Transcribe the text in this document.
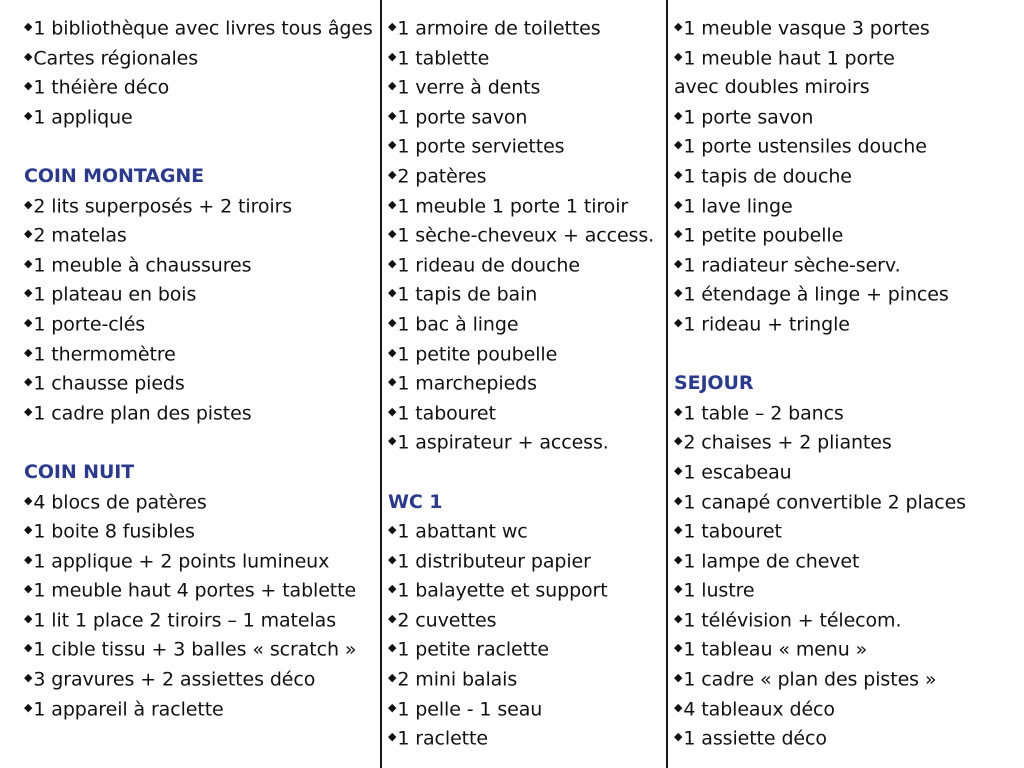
◆1 bibliothèque avec livres tous âges
◆Cartes régionales
◆1 théière déco
◆1 applique
COIN MONTAGNE
◆2 lits superposés + 2 tiroirs
◆2 matelas
◆1 meuble à chaussures
◆1 plateau en bois
◆1 porte-clés
◆1 thermomètre
◆1 chausse pieds
◆1 cadre plan des pistes
COIN NUIT
◆4 blocs de patères
◆1 boite 8 fusibles
◆1 applique + 2 points lumineux
◆1 meuble haut 4 portes + tablette
◆1 lit 1 place 2 tiroirs – 1 matelas
◆1 cible tissu + 3 balles « scratch »
◆3 gravures + 2 assiettes déco
◆1 appareil à raclette
◆1 armoire de toilettes
◆1 tablette
◆1 verre à dents
◆1 porte savon
◆1 porte serviettes
◆2 patères
◆1 meuble 1 porte 1 tiroir
◆1 sèche-cheveux + access.
◆1 rideau de douche
◆1 tapis de bain
◆1 bac à linge
◆1 petite poubelle
◆1 marchepieds
◆1 tabouret
◆1 aspirateur + access.
WC 1
◆1 abattant wc
◆1 distributeur papier
◆1 balayette et support
◆2 cuvettes
◆1 petite raclette
◆2 mini balais
◆1 pelle - 1 seau
◆1 raclette
◆1 meuble vasque 3 portes
◆1 meuble haut 1 porte
avec doubles miroirs
◆1 porte savon
◆1 porte ustensiles douche
◆1 tapis de douche
◆1 lave linge
◆1 petite poubelle
◆1 radiateur sèche-serv.
◆1 étendage à linge + pinces
◆1 rideau + tringle
SEJOUR
◆1 table – 2 bancs
◆2 chaises + 2 pliantes
◆1 escabeau
◆1 canapé convertible 2 places
◆1 tabouret
◆1 lampe de chevet
◆1 lustre
◆1 télévision + télecom.
◆1 tableau « menu »
◆1 cadre « plan des pistes »
◆4 tableaux déco
◆1 assiette déco
